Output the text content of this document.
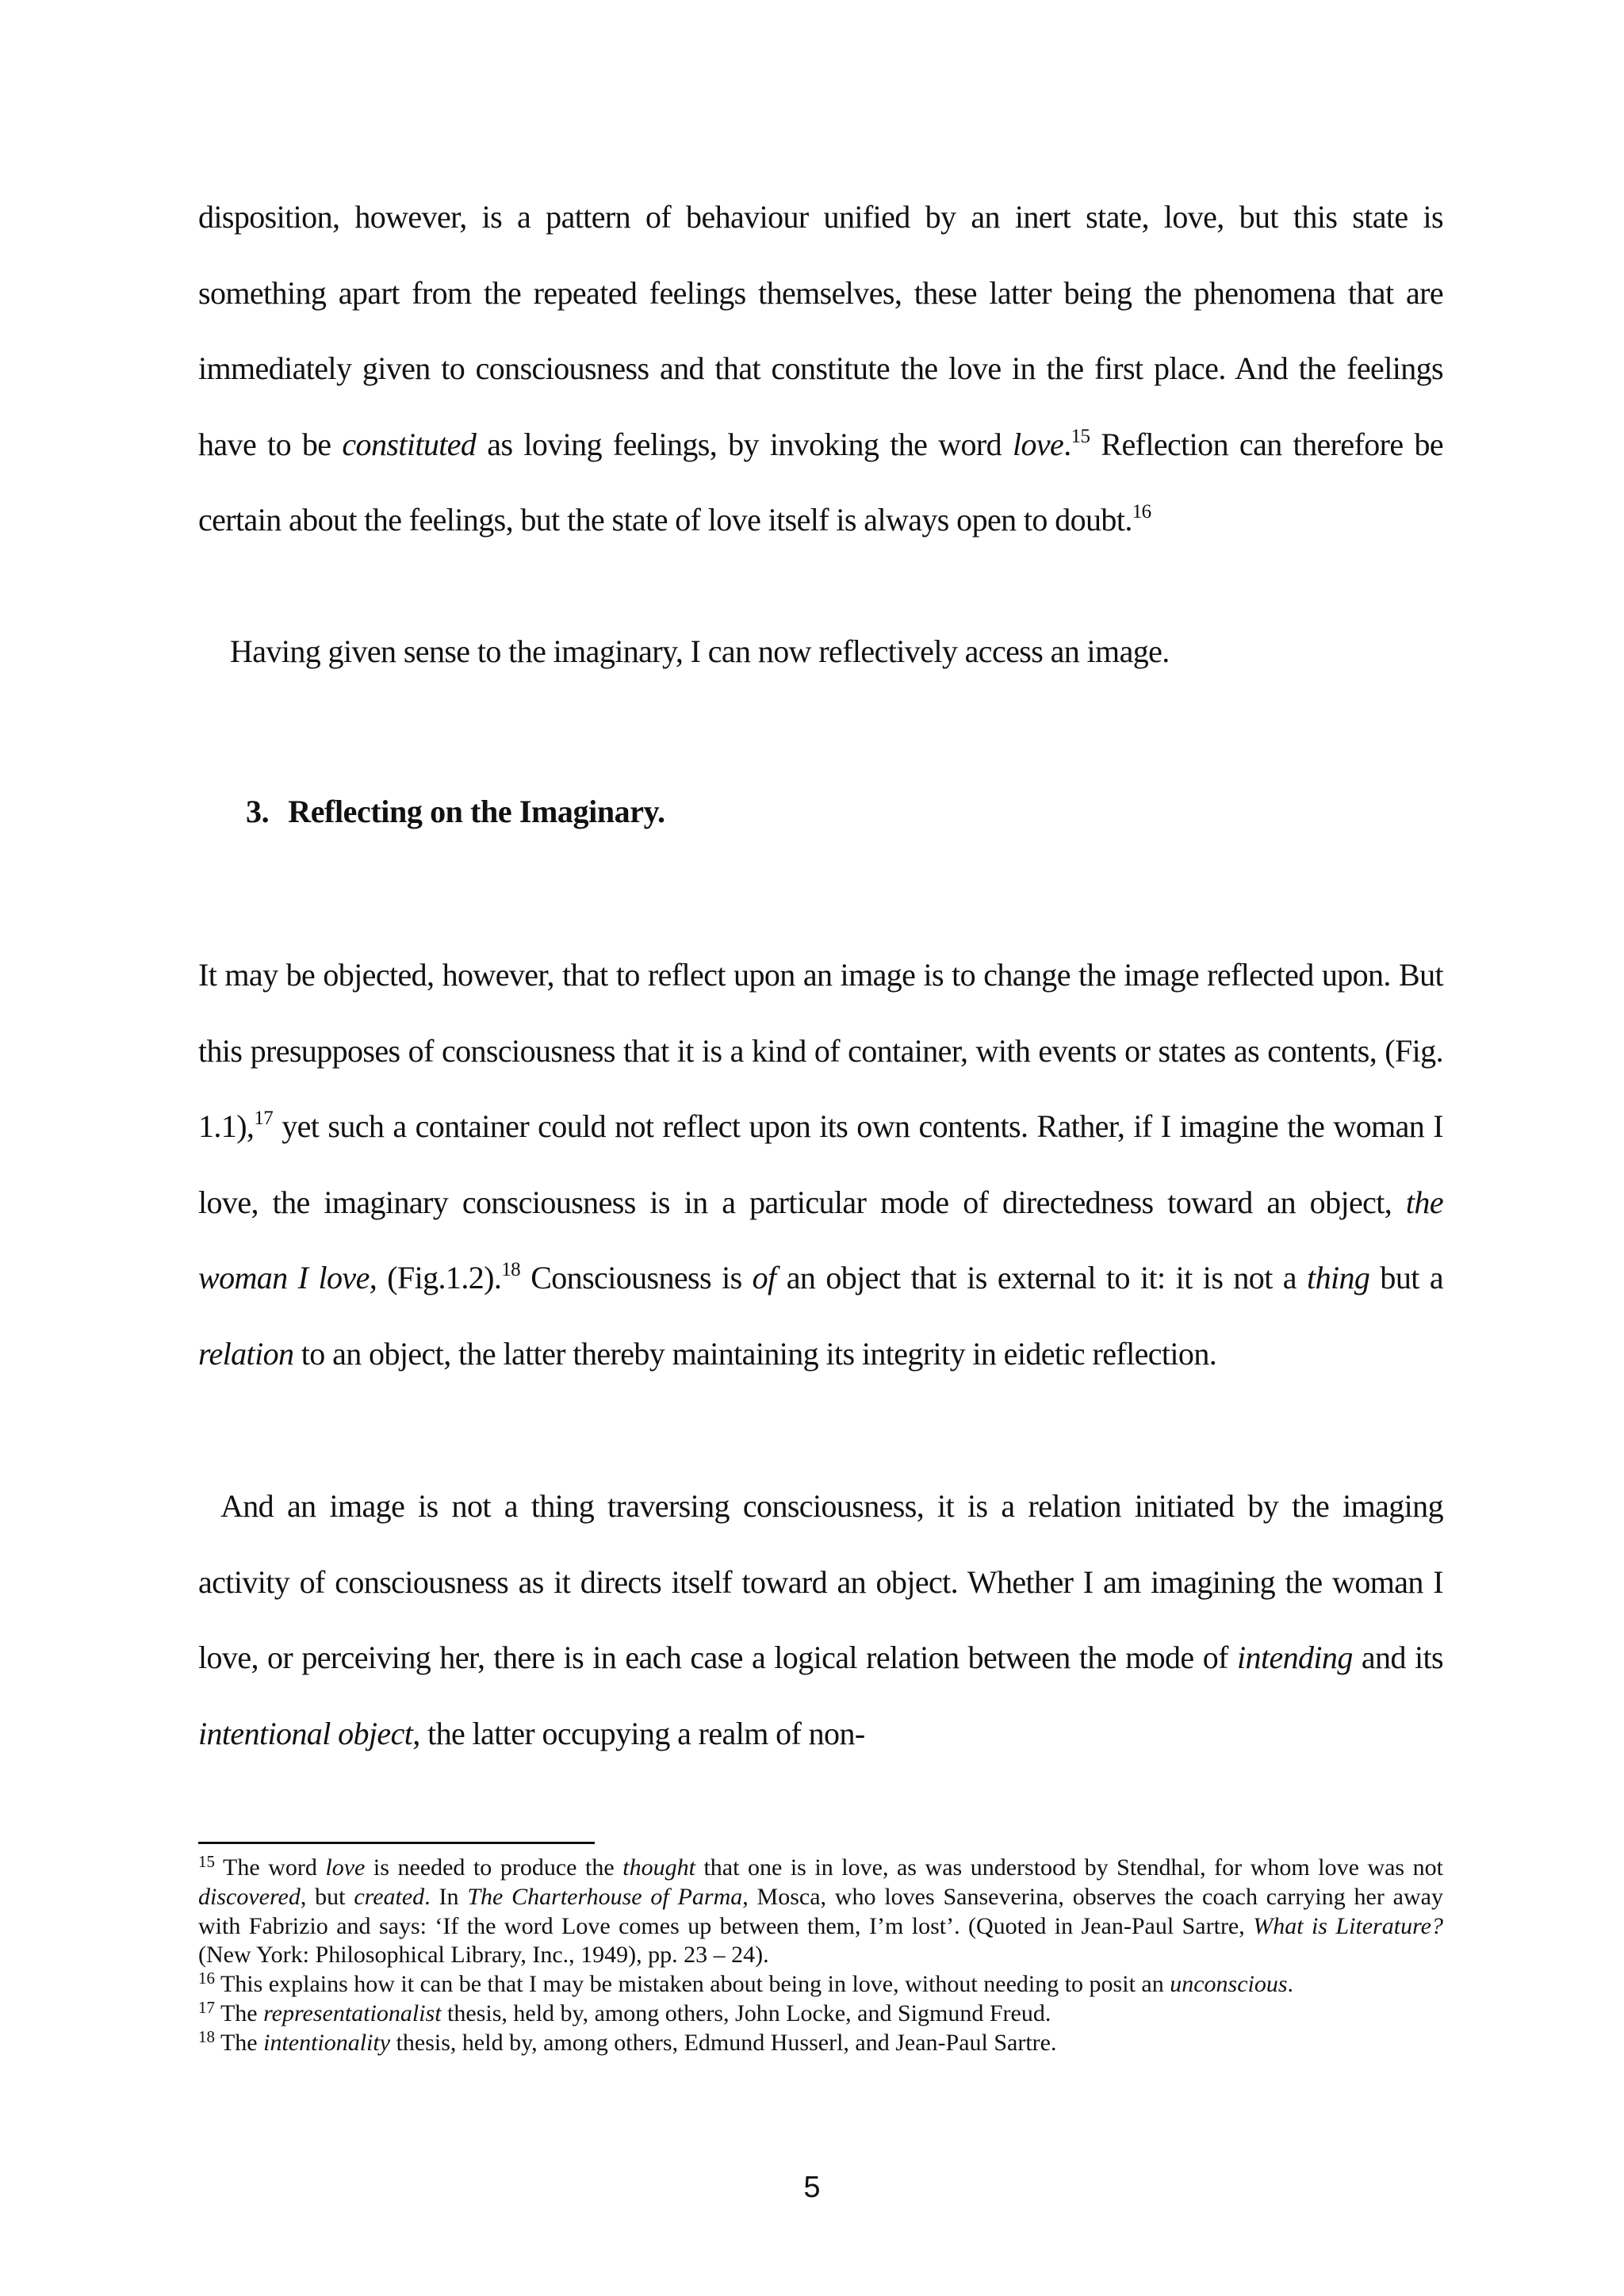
disposition, however, is a pattern of behaviour unified by an inert state, love, but this state is something apart from the repeated feelings themselves, these latter being the phenomena that are immediately given to consciousness and that constitute the love in the first place. And the feelings have to be constituted as loving feelings, by invoking the word love.$^{15}$ Reflection can therefore be certain about the feelings, but the state of love itself is always open to doubt.$^{16}$

Having given sense to the imaginary, I can now reflectively access an image.

3. Reflecting on the Imaginary.

It may be objected, however, that to reflect upon an image is to change the image reflected upon. But this presupposes of consciousness that it is a kind of container, with events or states as contents, (Fig. 1.1),$^{17}$ yet such a container could not reflect upon its own contents. Rather, if I imagine the woman I love, the imaginary consciousness is in a particular mode of directedness toward an object, the woman I love, (Fig.1.2).$^{18}$ Consciousness is of an object that is external to it: it is not a thing but a relation to an object, the latter thereby maintaining its integrity in eidetic reflection.

And an image is not a thing traversing consciousness, it is a relation initiated by the imaging activity of consciousness as it directs itself toward an object. Whether I am imagining the woman I love, or perceiving her, there is in each case a logical relation between the mode of intending and its intentional object, the latter occupying a realm of non-

$^{15}$ The word love is needed to produce the thought that one is in love, as was understood by Stendhal, for whom love was not discovered, but created. In The Charterhouse of Parma, Mosca, who loves Sanseverina, observes the coach carrying her away with Fabrizio and says: ‘If the word Love comes up between them, I’m lost’. (Quoted in Jean-Paul Sartre, What is Literature? (New York: Philosophical Library, Inc., 1949), pp. 23 – 24).

$^{16}$ This explains how it can be that I may be mistaken about being in love, without needing to posit an unconscious.

$^{17}$ The representationalist thesis, held by, among others, John Locke, and Sigmund Freud.

$^{18}$ The intentionality thesis, held by, among others, Edmund Husserl, and Jean-Paul Sartre.

5
